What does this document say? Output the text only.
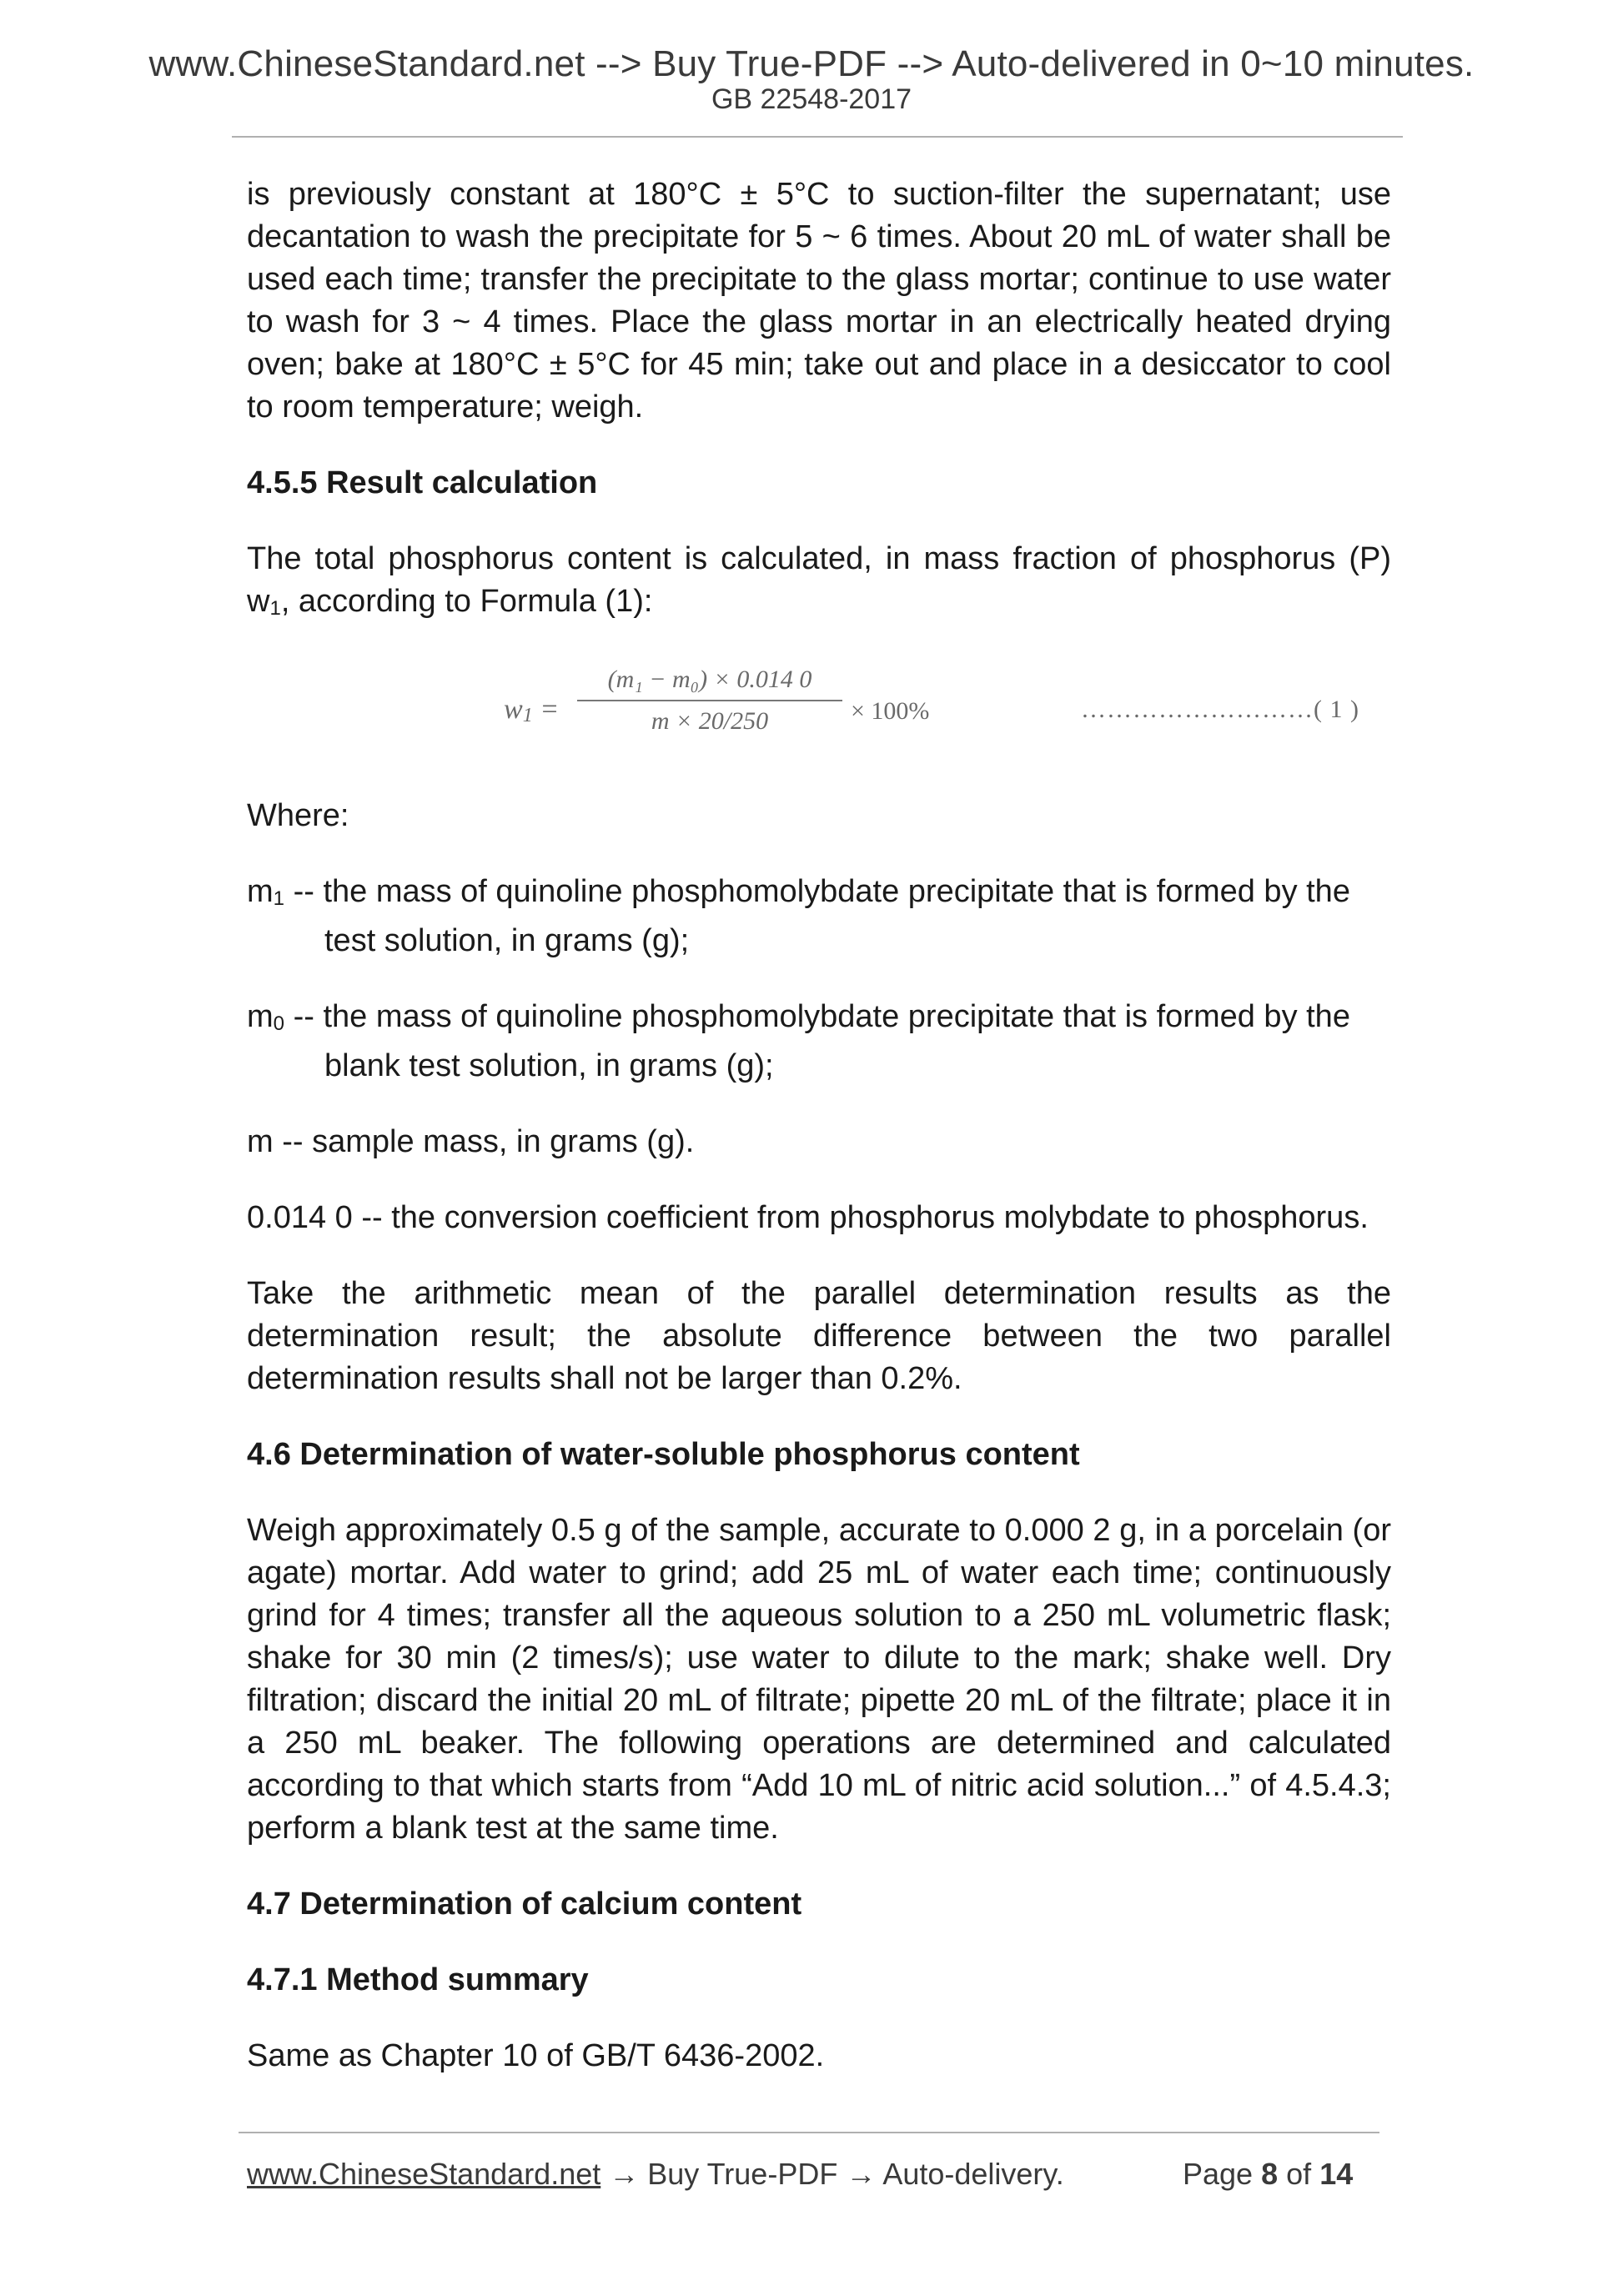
www.ChineseStandard.net --> Buy True-PDF --> Auto-delivered in 0~10 minutes.
GB 22548-2017

is previously constant at 180°C ± 5°C to suction-filter the supernatant; use decantation to wash the precipitate for 5 ~ 6 times. About 20 mL of water shall be used each time; transfer the precipitate to the glass mortar; continue to use water to wash for 3 ~ 4 times. Place the glass mortar in an electrically heated drying oven; bake at 180°C ± 5°C for 45 min; take out and place in a desiccator to cool to room temperature; weigh.

4.5.5 Result calculation

The total phosphorus content is calculated, in mass fraction of phosphorus (P) w1, according to Formula (1):

w1 =
(m₁ − m₀) × 0.014 0
m × 20/250	× 100%	………………………( 1 )

Where:

m1 -- the mass of quinoline phosphomolybdate precipitate that is formed by the test solution, in grams (g);

m0 -- the mass of quinoline phosphomolybdate precipitate that is formed by the blank test solution, in grams (g);

m -- sample mass, in grams (g).

0.014 0 -- the conversion coefficient from phosphorus molybdate to phosphorus.

Take the arithmetic mean of the parallel determination results as the determination result; the absolute difference between the two parallel determination results shall not be larger than 0.2%.

4.6 Determination of water-soluble phosphorus content

Weigh approximately 0.5 g of the sample, accurate to 0.000 2 g, in a porcelain (or agate) mortar. Add water to grind; add 25 mL of water each time; continuously grind for 4 times; transfer all the aqueous solution to a 250 mL volumetric flask; shake for 30 min (2 times/s); use water to dilute to the mark; shake well. Dry filtration; discard the initial 20 mL of filtrate; pipette 20 mL of the filtrate; place it in a 250 mL beaker. The following operations are determined and calculated according to that which starts from “Add 10 mL of nitric acid solution...” of 4.5.4.3; perform a blank test at the same time.

4.7 Determination of calcium content

4.7.1 Method summary

Same as Chapter 10 of GB/T 6436-2002.

www.ChineseStandard.net → Buy True-PDF → Auto-delivery.	Page 8 of 14
